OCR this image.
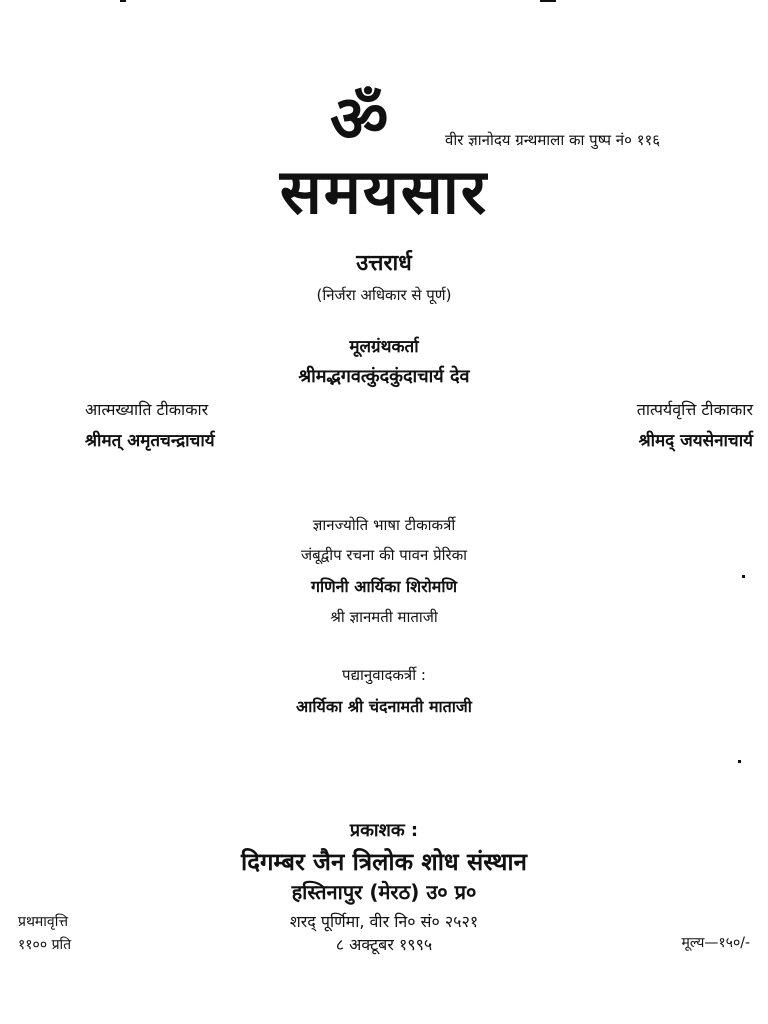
ॐ	वीर ज्ञानोदय ग्रन्थमाला का पुष्प नं० ११६
समयसार
उत्तरार्ध
(निर्जरा अधिकार से पूर्ण)
मूलग्रंथकर्ता
श्रीमद्भगवत्कुंदकुंदाचार्य देव
आत्मख्याति टीकाकार
श्रीमत् अमृतचन्द्राचार्य
तात्पर्यवृत्ति टीकाकार
श्रीमद् जयसेनाचार्य
ज्ञानज्योति भाषा टीकाकर्त्री
जंबूद्वीप रचना की पावन प्रेरिका
गणिनी आर्यिका शिरोमणि
श्री ज्ञानमती माताजी
पद्यानुवादकर्त्री :
आर्यिका श्री चंदनामती माताजी
प्रकाशक :
दिगम्बर जैन त्रिलोक शोध संस्थान
हस्तिनापुर (मेरठ) उ० प्र०
शरद् पूर्णिमा, वीर नि० सं० २५२१
८ अक्टूबर १९९५
प्रथमावृत्ति
११०० प्रति	मूल्य—१५०/-
